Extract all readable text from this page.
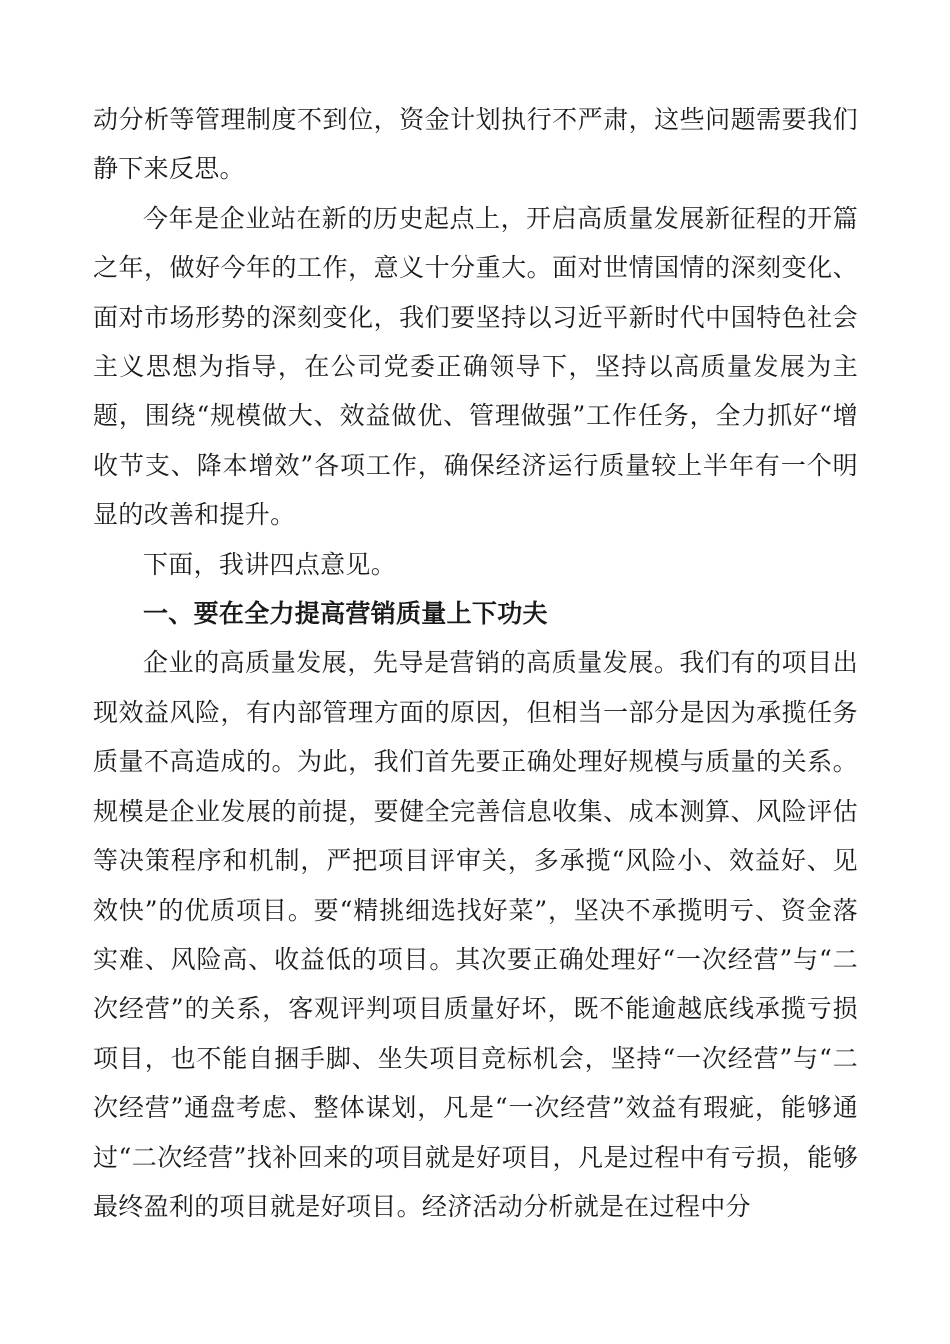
动分析等管理制度不到位，资金计划执行不严肃，这些问题需要我们静下来反思。

今年是企业站在新的历史起点上，开启高质量发展新征程的开篇之年，做好今年的工作，意义十分重大。面对世情国情的深刻变化、面对市场形势的深刻变化，我们要坚持以习近平新时代中国特色社会主义思想为指导，在公司党委正确领导下，坚持以高质量发展为主题，围绕“规模做大、效益做优、管理做强”工作任务，全力抓好“增收节支、降本增效”各项工作，确保经济运行质量较上半年有一个明显的改善和提升。

下面，我讲四点意见。

一、要在全力提高营销质量上下功夫

企业的高质量发展，先导是营销的高质量发展。我们有的项目出现效益风险，有内部管理方面的原因，但相当一部分是因为承揽任务质量不高造成的。为此，我们首先要正确处理好规模与质量的关系。规模是企业发展的前提，要健全完善信息收集、成本测算、风险评估等决策程序和机制，严把项目评审关，多承揽“风险小、效益好、见效快”的优质项目。要“精挑细选找好菜”，坚决不承揽明亏、资金落实难、风险高、收益低的项目。其次要正确处理好“一次经营”与“二次经营”的关系，客观评判项目质量好坏，既不能逾越底线承揽亏损项目，也不能自捆手脚、坐失项目竞标机会，坚持“一次经营”与“二次经营”通盘考虑、整体谋划，凡是“一次经营”效益有瑕疵，能够通过“二次经营”找补回来的项目就是好项目，凡是过程中有亏损，能够最终盈利的项目就是好项目。经济活动分析就是在过程中分
